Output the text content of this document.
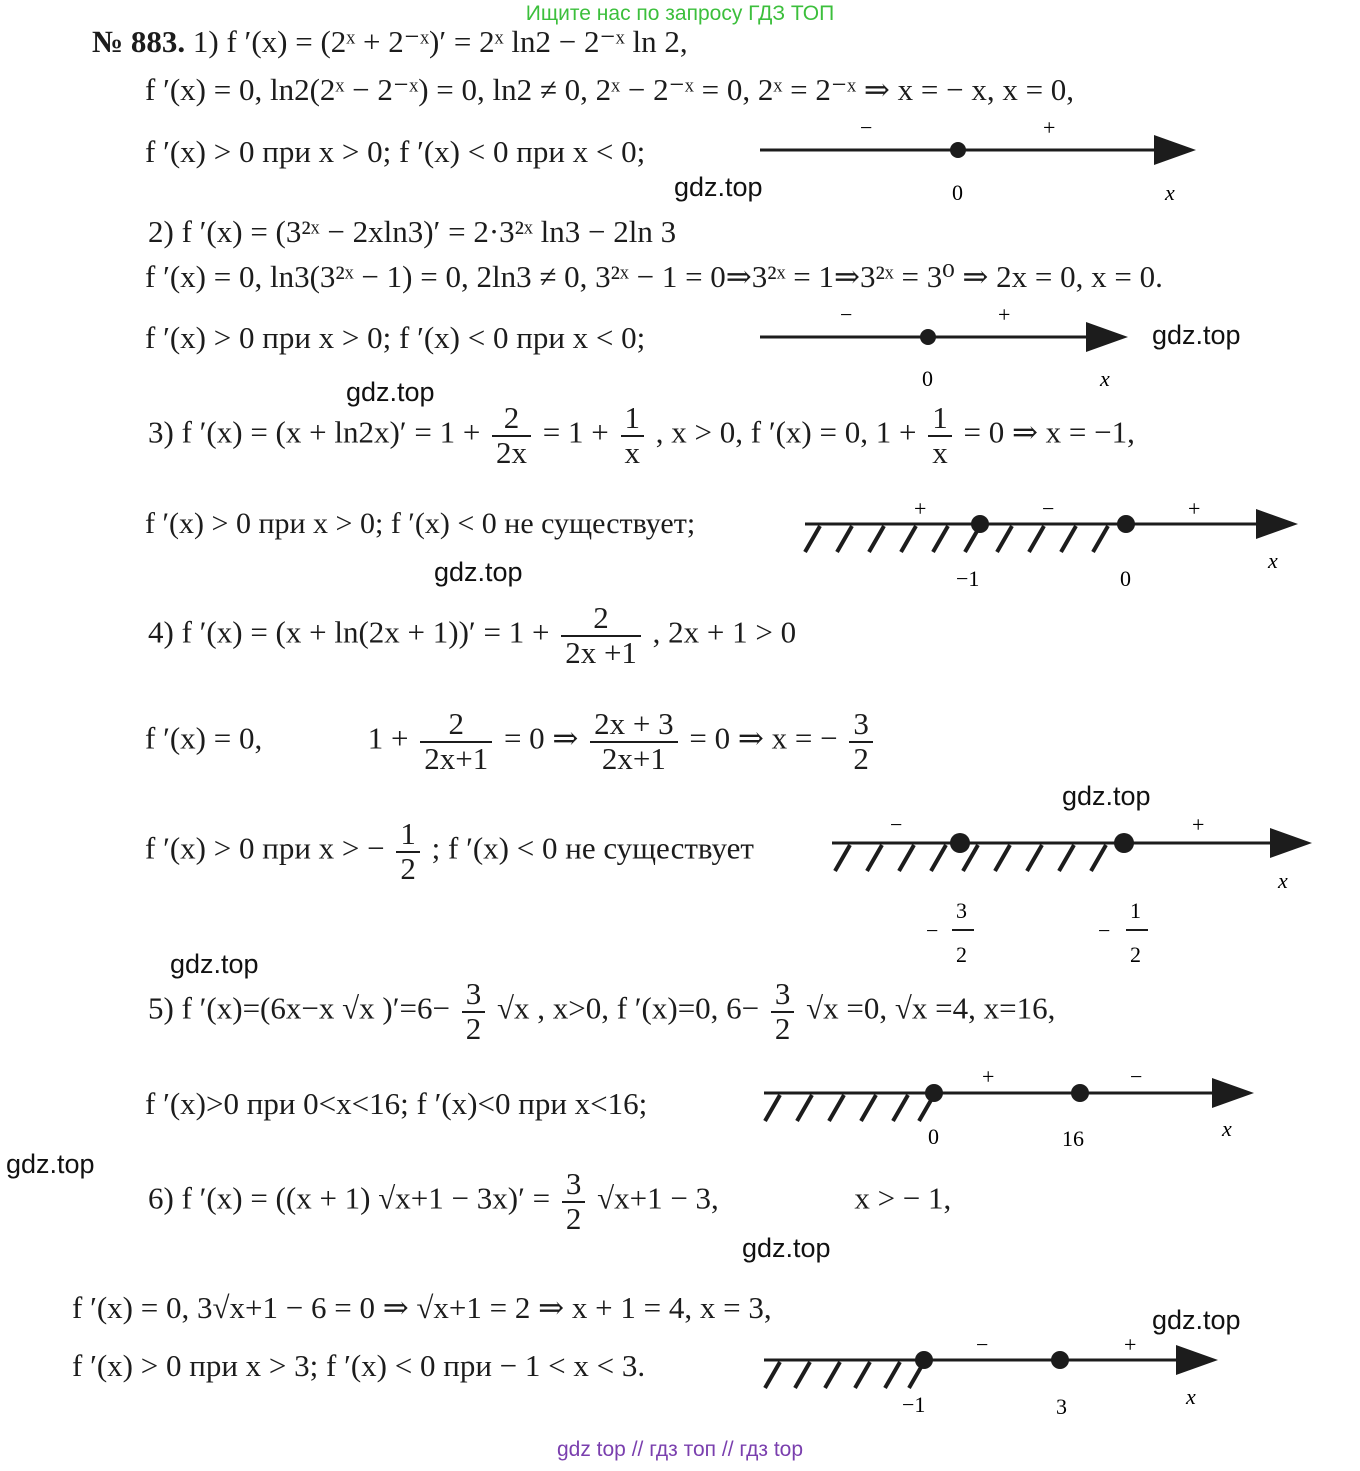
Ищите нас по запросу ГДЗ ТОП
gdz top // гдз топ // гдз top
№ 883. 1) f ′(x) = (2ˣ + 2⁻ˣ)′ = 2ˣ ln2 − 2⁻ˣ ln 2,
f ′(x) = 0, ln2(2ˣ − 2⁻ˣ) = 0, ln2 ≠ 0, 2ˣ − 2⁻ˣ = 0, 2ˣ = 2⁻ˣ ⇒ x = − x, x = 0,
f ′(x) > 0 при x > 0; f ′(x) < 0 при x < 0;
2) f ′(x) = (3²ˣ − 2xln3)′ = 2·3²ˣ ln3 − 2ln 3
f ′(x) = 0, ln3(3²ˣ − 1) = 0, 2ln3 ≠ 0, 3²ˣ − 1 = 0⇒3²ˣ = 1⇒3²ˣ = 3⁰ ⇒ 2x = 0, x = 0.
f ′(x) > 0 при x > 0; f ′(x) < 0 при x < 0;
3) f $'(x) = (x + \ln 2x)' = 1 + \frac{2}{2x} = 1 + \frac{1}{x}$ , x > 0, f ′(x) = 0, $1 + \frac{1}{x} = 0$ ⇒ x = −1,
f ′(x) > 0 при x > 0; f ′(x) < 0 не существует;
4) f $'(x) = (x + \ln(2x + 1))' = 1 + \frac{2}{2x +1}$ , 2x + 1 > 0
f ′(x) = 0,	$1 + \frac{2}{2x+1} = 0$ ⇒ $\frac{2x + 3}{2x+1} = 0$ ⇒ x = − $\frac{3}{2}$
f ′(x) > 0 при x > − $\frac{1}{2}$ ; f ′(x) < 0 не существует
5) f ′(x)=(6x−x √x )$'=6- \frac{3}{2} √x$ , x>0, f ′(x)=0, $6- \frac{3}{2} √x =0$, √x =4, x=16,
f ′(x)>0 при 0<x<16; f ′(x)<0 при x<16;
6) f ′(x) = ((x + 1) $√x+1 - 3x)' = \frac{3}{2} √x+1 - 3$,	x > − 1,
f ′(x) = 0, 3√x+1 − 6 = 0 ⇒ √x+1 = 2 ⇒ x + 1 = 4, x = 3,
f ′(x) > 0 при x > 3; f ′(x) < 0 при − 1 < x < 3.
−	+
0	x
−	+
0	x
+	−	+
−1	0
x
−	+
x
−
3
2
−
1
2
+	−
0	16	x
−	+
−1	3	x
gdz.top
gdz.top
gdz.top
gdz.top
gdz.top
gdz.top
gdz.top
gdz.top
gdz.top
